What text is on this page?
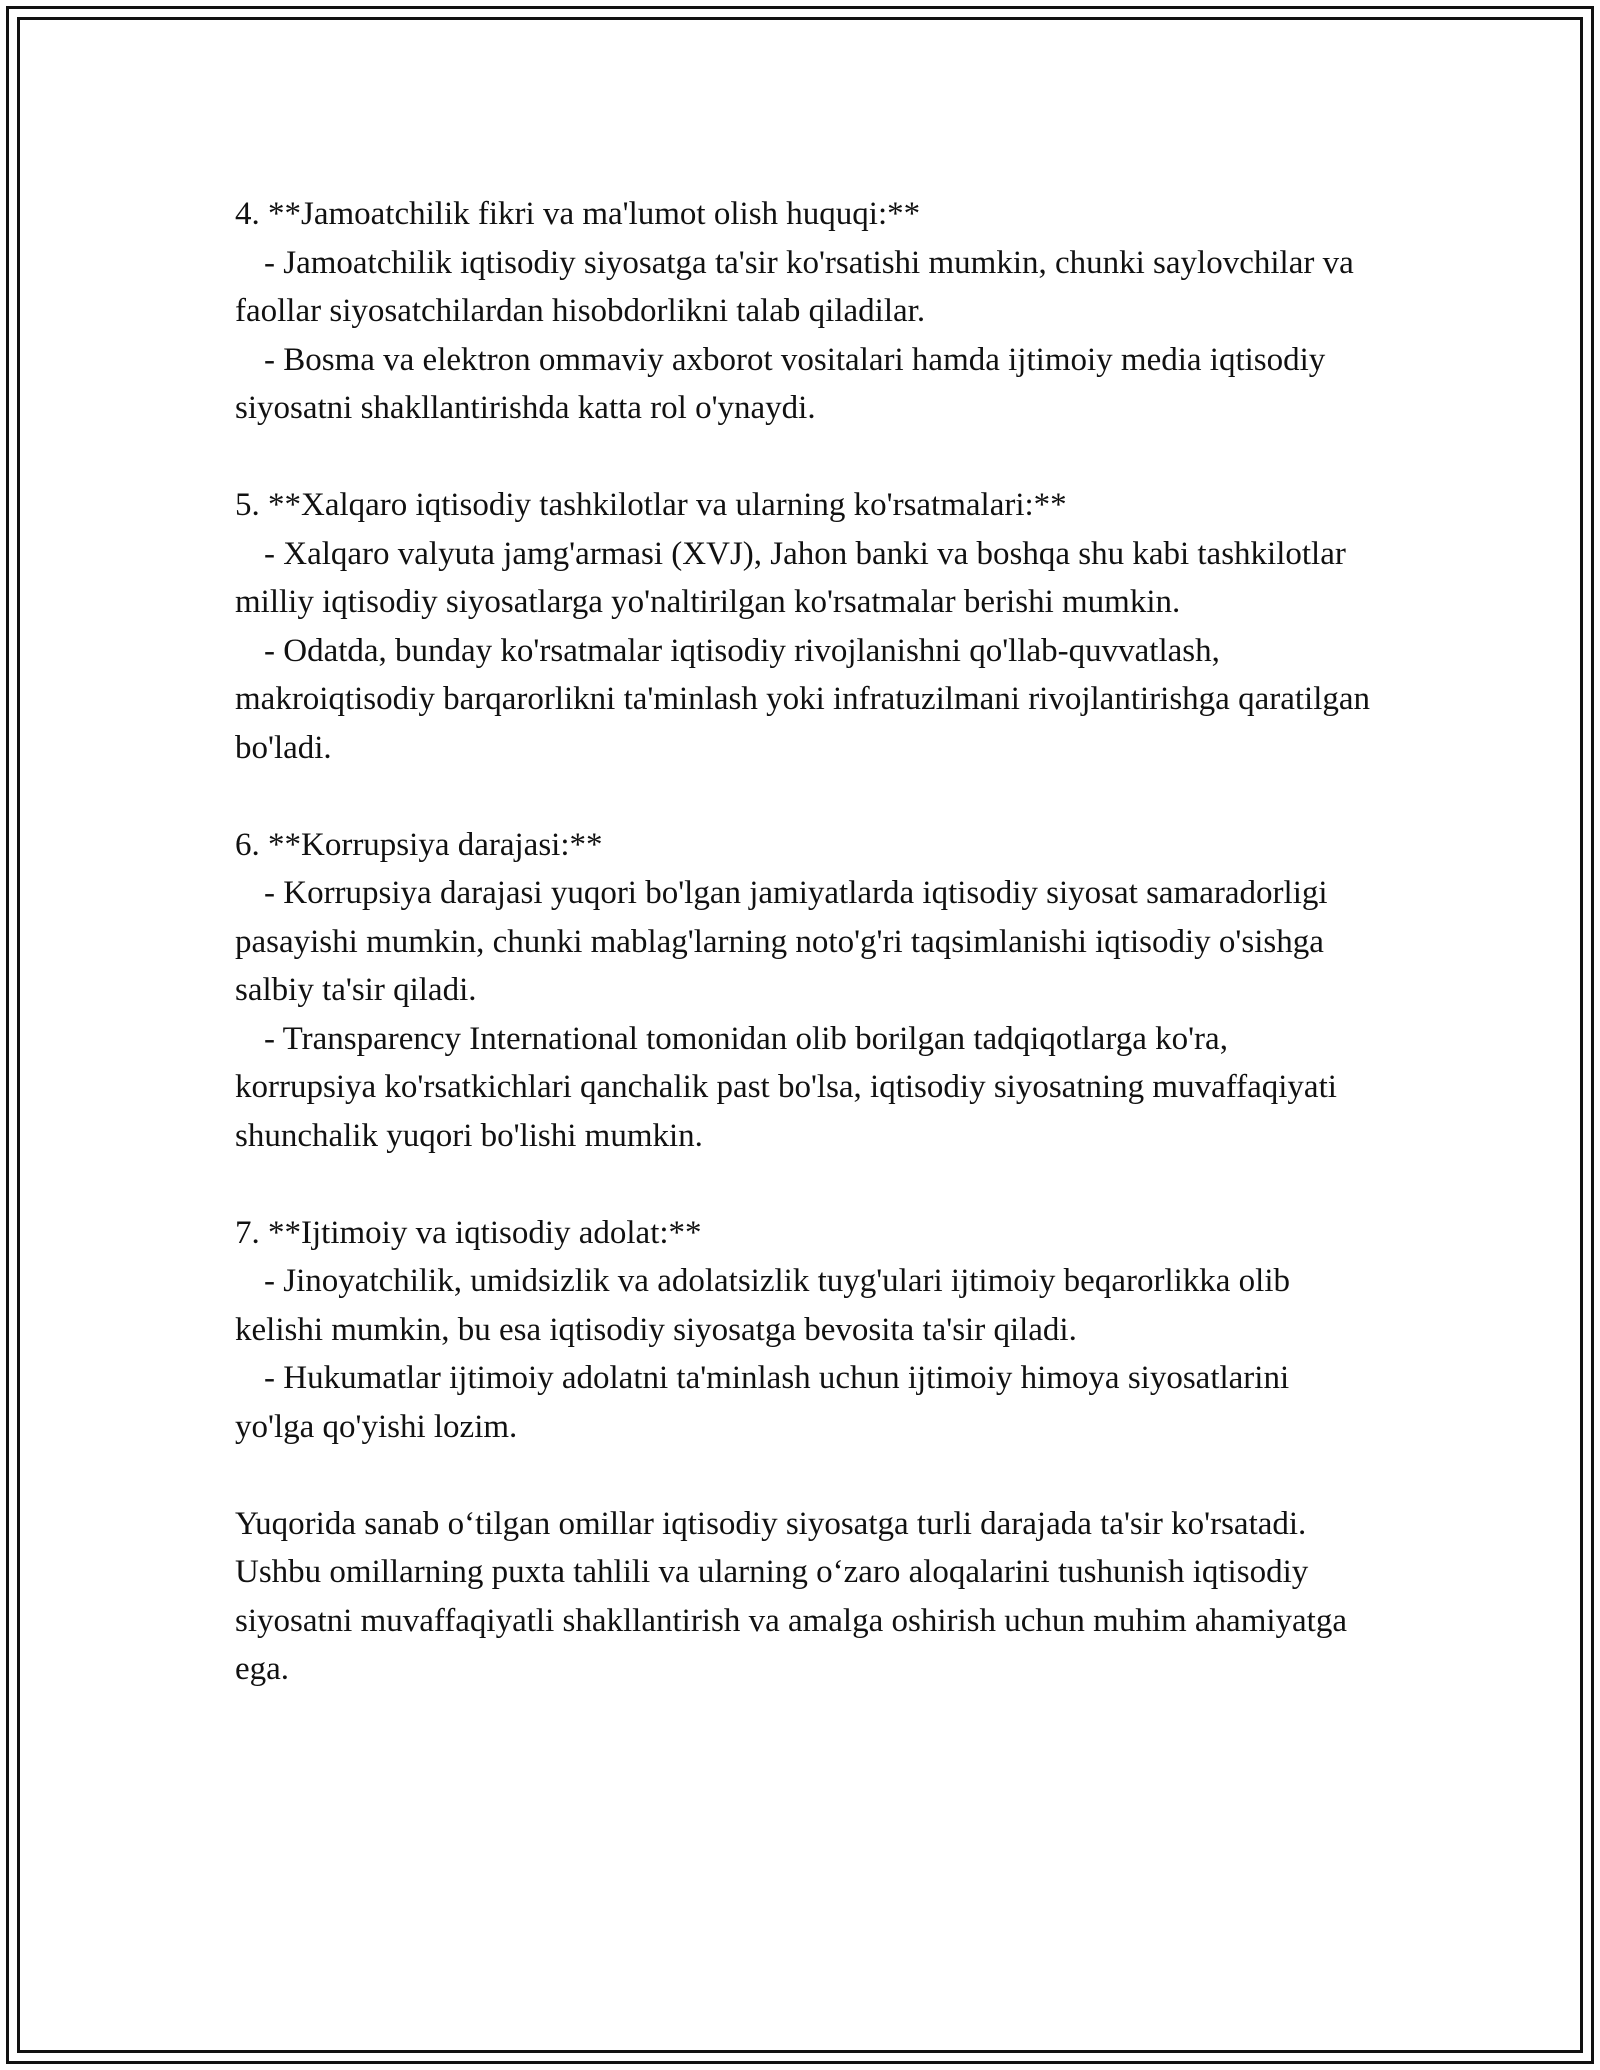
4. **Jamoatchilik fikri va ma'lumot olish huquqi:**

- Jamoatchilik iqtisodiy siyosatga ta'sir ko'rsatishi mumkin, chunki saylovchilar va faollar siyosatchilardan hisobdorlikni talab qiladilar.

- Bosma va elektron ommaviy axborot vositalari hamda ijtimoiy media iqtisodiy siyosatni shakllantirishda katta rol o'ynaydi.

5. **Xalqaro iqtisodiy tashkilotlar va ularning ko'rsatmalari:**

- Xalqaro valyuta jamg'armasi (XVJ), Jahon banki va boshqa shu kabi tashkilotlar milliy iqtisodiy siyosatlarga yo'naltirilgan ko'rsatmalar berishi mumkin.

- Odatda, bunday ko'rsatmalar iqtisodiy rivojlanishni qo'llab-quvvatlash, makroiqtisodiy barqarorlikni ta'minlash yoki infratuzilmani rivojlantirishga qaratilgan bo'ladi.

6. **Korrupsiya darajasi:**

- Korrupsiya darajasi yuqori bo'lgan jamiyatlarda iqtisodiy siyosat samaradorligi pasayishi mumkin, chunki mablag'larning noto'g'ri taqsimlanishi iqtisodiy o'sishga salbiy ta'sir qiladi.

- Transparency International tomonidan olib borilgan tadqiqotlarga ko'ra, korrupsiya ko'rsatkichlari qanchalik past bo'lsa, iqtisodiy siyosatning muvaffaqiyati shunchalik yuqori bo'lishi mumkin.

7. **Ijtimoiy va iqtisodiy adolat:**

- Jinoyatchilik, umidsizlik va adolatsizlik tuyg'ulari ijtimoiy beqarorlikka olib kelishi mumkin, bu esa iqtisodiy siyosatga bevosita ta'sir qiladi.

- Hukumatlar ijtimoiy adolatni ta'minlash uchun ijtimoiy himoya siyosatlarini yo'lga qo'yishi lozim.

Yuqorida sanab o‘tilgan omillar iqtisodiy siyosatga turli darajada ta'sir ko'rsatadi. Ushbu omillarning puxta tahlili va ularning o‘zaro aloqalarini tushunish iqtisodiy siyosatni muvaffaqiyatli shakllantirish va amalga oshirish uchun muhim ahamiyatga ega.
